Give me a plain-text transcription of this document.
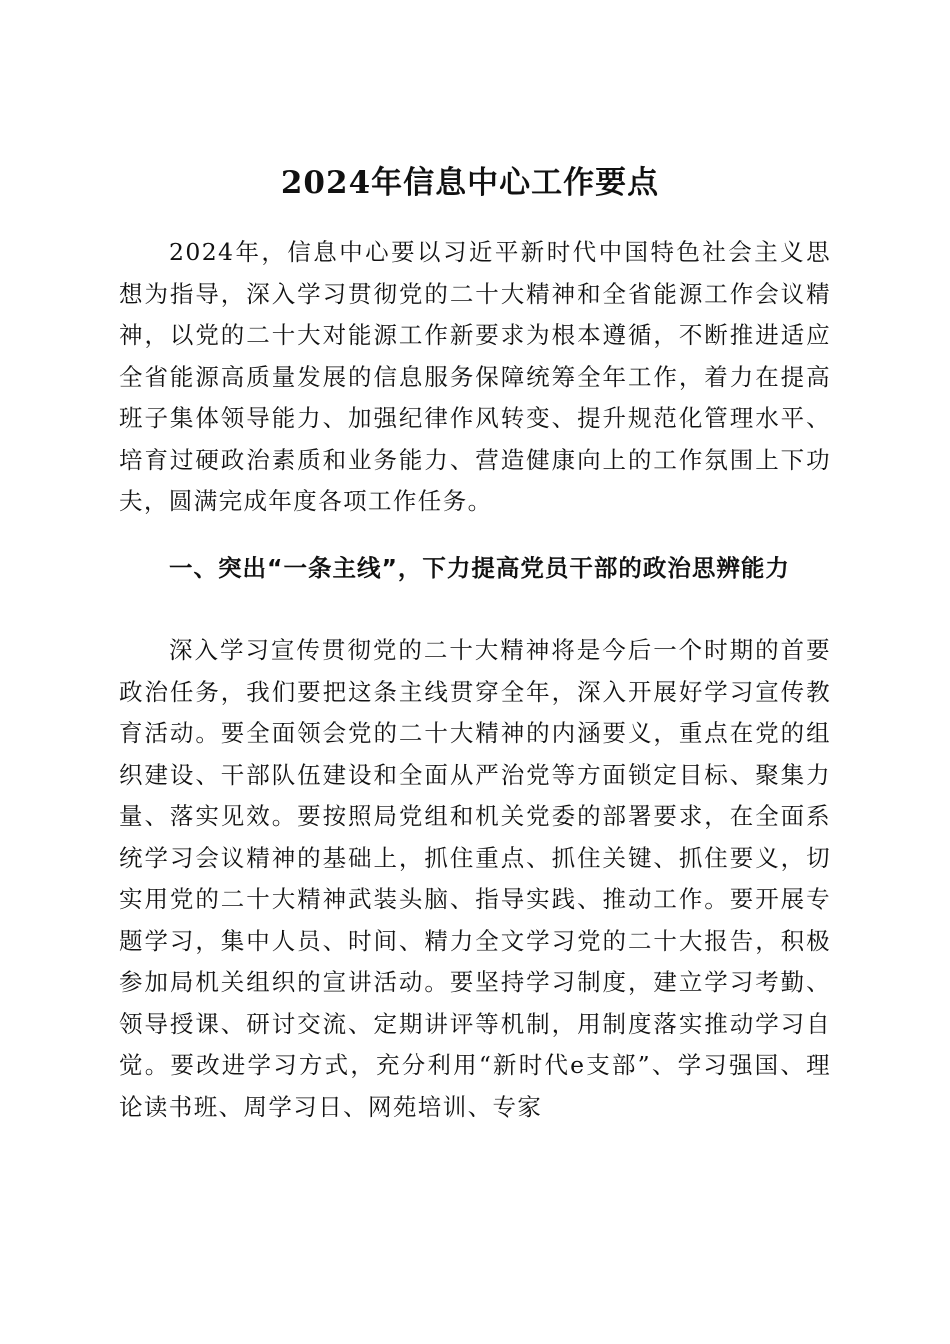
2024年信息中心工作要点

2024年，信息中心要以习近平新时代中国特色社会主义思想为指导，深入学习贯彻党的二十大精神和全省能源工作会议精神，以党的二十大对能源工作新要求为根本遵循，不断推进适应全省能源高质量发展的信息服务保障统筹全年工作，着力在提高班子集体领导能力、加强纪律作风转变、提升规范化管理水平、培育过硬政治素质和业务能力、营造健康向上的工作氛围上下功夫，圆满完成年度各项工作任务。

一、突出“一条主线”，下力提高党员干部的政治思辨能力

深入学习宣传贯彻党的二十大精神将是今后一个时期的首要政治任务，我们要把这条主线贯穿全年，深入开展好学习宣传教育活动。要全面领会党的二十大精神的内涵要义，重点在党的组织建设、干部队伍建设和全面从严治党等方面锁定目标、聚集力量、落实见效。要按照局党组和机关党委的部署要求，在全面系统学习会议精神的基础上，抓住重点、抓住关键、抓住要义，切实用党的二十大精神武装头脑、指导实践、推动工作。要开展专题学习，集中人员、时间、精力全文学习党的二十大报告，积极参加局机关组织的宣讲活动。要坚持学习制度，建立学习考勤、领导授课、研讨交流、定期讲评等机制，用制度落实推动学习自觉。要改进学习方式，充分利用“新时代e支部”、学习强国、理论读书班、周学习日、网苑培训、专家
